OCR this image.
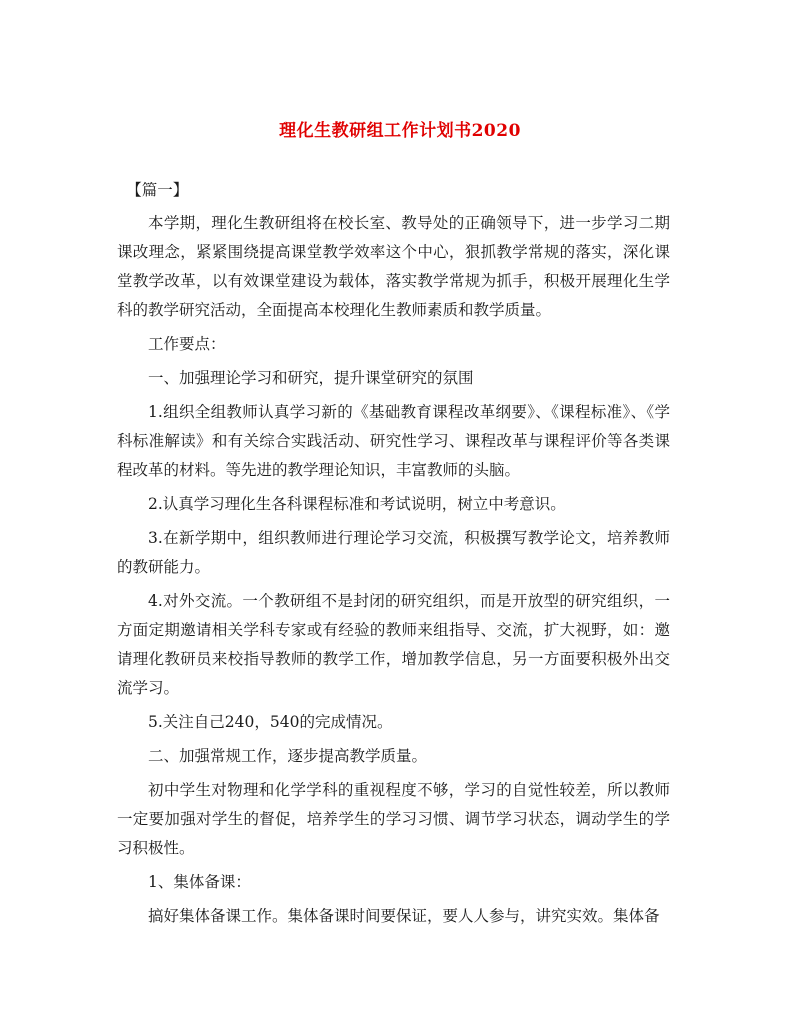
理化生教研组工作计划书2020

【篇一】

本学期，理化生教研组将在校长室、教导处的正确领导下，进一步学习二期课改理念，紧紧围绕提高课堂教学效率这个中心，狠抓教学常规的落实，深化课堂教学改革，以有效课堂建设为载体，落实教学常规为抓手，积极开展理化生学科的教学研究活动，全面提高本校理化生教师素质和教学质量。

工作要点：

一、加强理论学习和研究，提升课堂研究的氛围

1.组织全组教师认真学习新的《基础教育课程改革纲要》、《课程标准》、《学科标准解读》和有关综合实践活动、研究性学习、课程改革与课程评价等各类课程改革的材料。等先进的教学理论知识，丰富教师的头脑。

2.认真学习理化生各科课程标准和考试说明，树立中考意识。

3.在新学期中，组织教师进行理论学习交流，积极撰写教学论文，培养教师的教研能力。

4.对外交流。一个教研组不是封闭的研究组织，而是开放型的研究组织，一方面定期邀请相关学科专家或有经验的教师来组指导、交流，扩大视野，如：邀请理化教研员来校指导教师的教学工作，增加教学信息，另一方面要积极外出交流学习。

5.关注自己240，540的完成情况。

二、加强常规工作，逐步提高教学质量。

初中学生对物理和化学学科的重视程度不够，学习的自觉性较差，所以教师一定要加强对学生的督促，培养学生的学习习惯、调节学习状态，调动学生的学习积极性。

1、集体备课：

搞好集体备课工作。集体备课时间要保证，要人人参与，讲究实效。集体备
